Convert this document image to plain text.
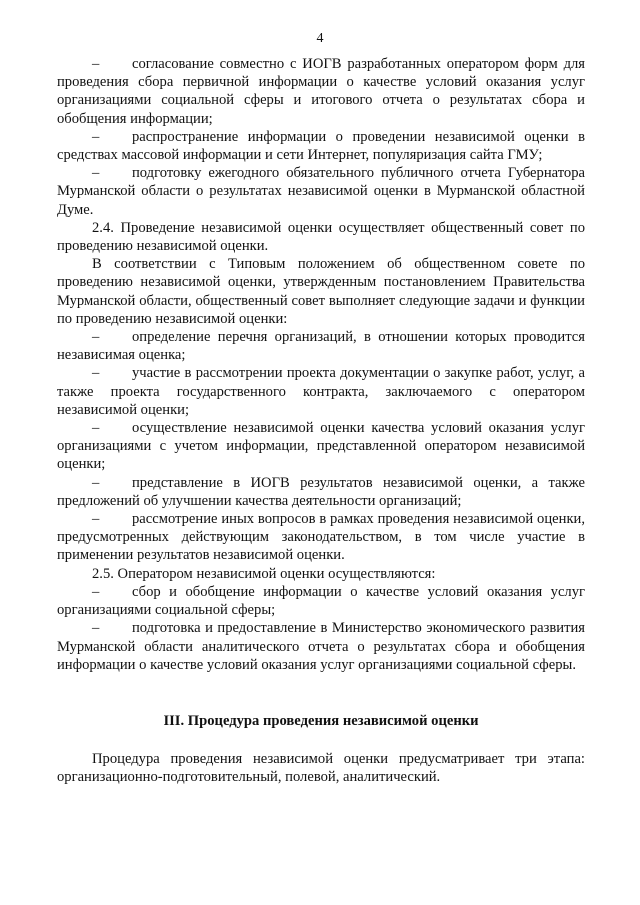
4

– согласование совместно с ИОГВ разработанных оператором форм для проведения сбора первичной информации о качестве условий оказания услуг организациями социальной сферы и итогового отчета о результатах сбора и обобщения информации;

– распространение информации о проведении независимой оценки в средствах массовой информации и сети Интернет, популяризация сайта ГМУ;

– подготовку ежегодного обязательного публичного отчета Губернатора Мурманской области о результатах независимой оценки в Мурманской областной Думе.

2.4. Проведение независимой оценки осуществляет общественный совет по проведению независимой оценки.

В соответствии с Типовым положением об общественном совете по проведению независимой оценки, утвержденным постановлением Правительства Мурманской области, общественный совет выполняет следующие задачи и функции по проведению независимой оценки:

– определение перечня организаций, в отношении которых проводится независимая оценка;

– участие в рассмотрении проекта документации о закупке работ, услуг, а также проекта государственного контракта, заключаемого с оператором независимой оценки;

– осуществление независимой оценки качества условий оказания услуг организациями с учетом информации, представленной оператором независимой оценки;

– представление в ИОГВ результатов независимой оценки, а также предложений об улучшении качества деятельности организаций;

– рассмотрение иных вопросов в рамках проведения независимой оценки, предусмотренных действующим законодательством, в том числе участие в применении результатов независимой оценки.

2.5. Оператором независимой оценки осуществляются:

– сбор и обобщение информации о качестве условий оказания услуг организациями социальной сферы;

– подготовка и предоставление в Министерство экономического развития Мурманской области аналитического отчета о результатах сбора и обобщения информации о качестве условий оказания услуг организациями социальной сферы.

III. Процедура проведения независимой оценки

Процедура проведения независимой оценки предусматривает три этапа: организационно-подготовительный, полевой, аналитический.
